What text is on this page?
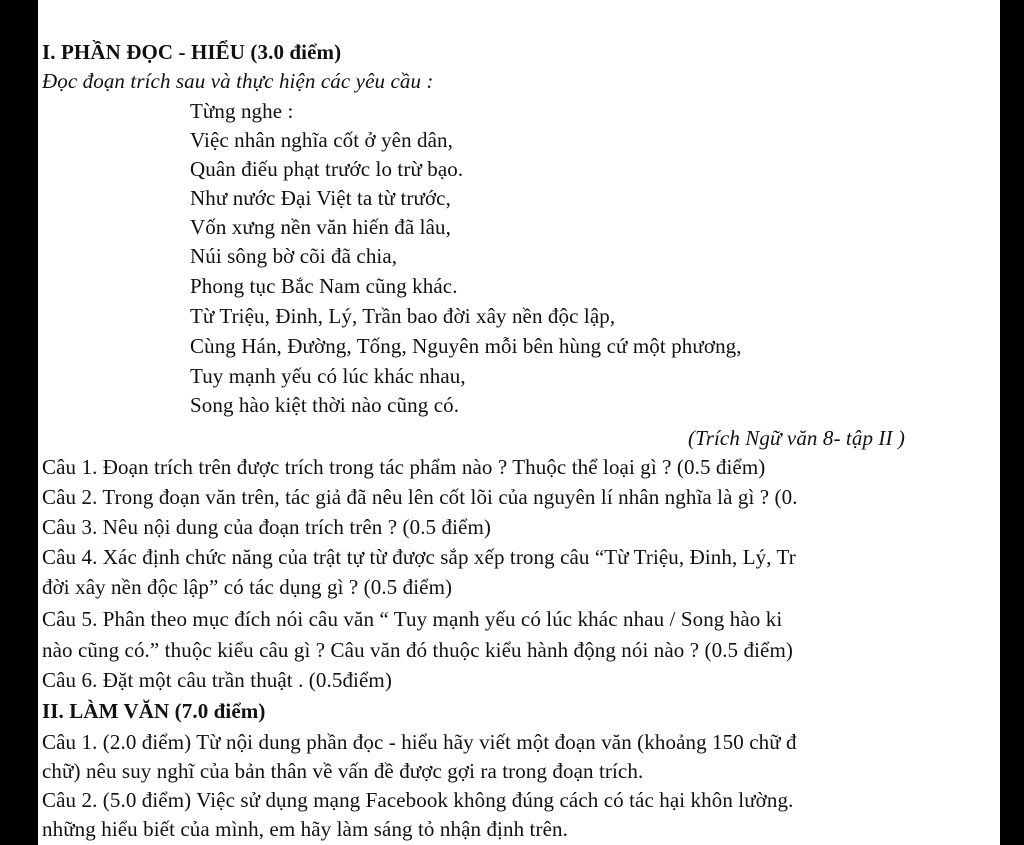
I. PHẦN ĐỌC - HIỂU (3.0 điểm)
Đọc đoạn trích sau và thực hiện các yêu cầu :
Từng nghe :
Việc nhân nghĩa cốt ở yên dân,
Quân điếu phạt trước lo trừ bạo.
Như nước Đại Việt ta từ trước,
Vốn xưng nền văn hiến đã lâu,
Núi sông bờ cõi đã chia,
Phong tục Bắc Nam cũng khác.
Từ Triệu, Đinh, Lý, Trần bao đời xây nền độc lập,
Cùng Hán, Đường, Tống, Nguyên mỗi bên hùng cứ một phương,
Tuy mạnh yếu có lúc khác nhau,
Song hào kiệt thời nào cũng có.
(Trích Ngữ văn 8- tập II )
Câu 1. Đoạn trích trên được trích trong tác phẩm nào ? Thuộc thể loại gì ? (0.5 điểm)
Câu 2. Trong đoạn văn trên, tác giả đã nêu lên cốt lõi của nguyên lí nhân nghĩa là gì ? (0.
Câu 3. Nêu nội dung của đoạn trích trên ? (0.5 điểm)
Câu 4. Xác định chức năng của trật tự từ được sắp xếp trong câu “Từ Triệu, Đinh, Lý, Tr
đời xây nền độc lập” có tác dụng gì ? (0.5 điểm)
Câu 5. Phân theo mục đích nói câu văn “ Tuy mạnh yếu có lúc khác nhau / Song hào ki
nào cũng có.” thuộc kiểu câu gì ? Câu văn đó thuộc kiểu hành động nói nào ? (0.5 điểm)
Câu 6. Đặt một câu trần thuật . (0.5điểm)
II. LÀM VĂN (7.0 điểm)
Câu 1. (2.0 điểm) Từ nội dung phần đọc - hiểu hãy viết một đoạn văn (khoảng 150 chữ đ
chữ) nêu suy nghĩ của bản thân về vấn đề được gợi ra trong đoạn trích.
Câu 2. (5.0 điểm) Việc sử dụng mạng Facebook không đúng cách có tác hại khôn lường.
những hiểu biết của mình, em hãy làm sáng tỏ nhận định trên.
